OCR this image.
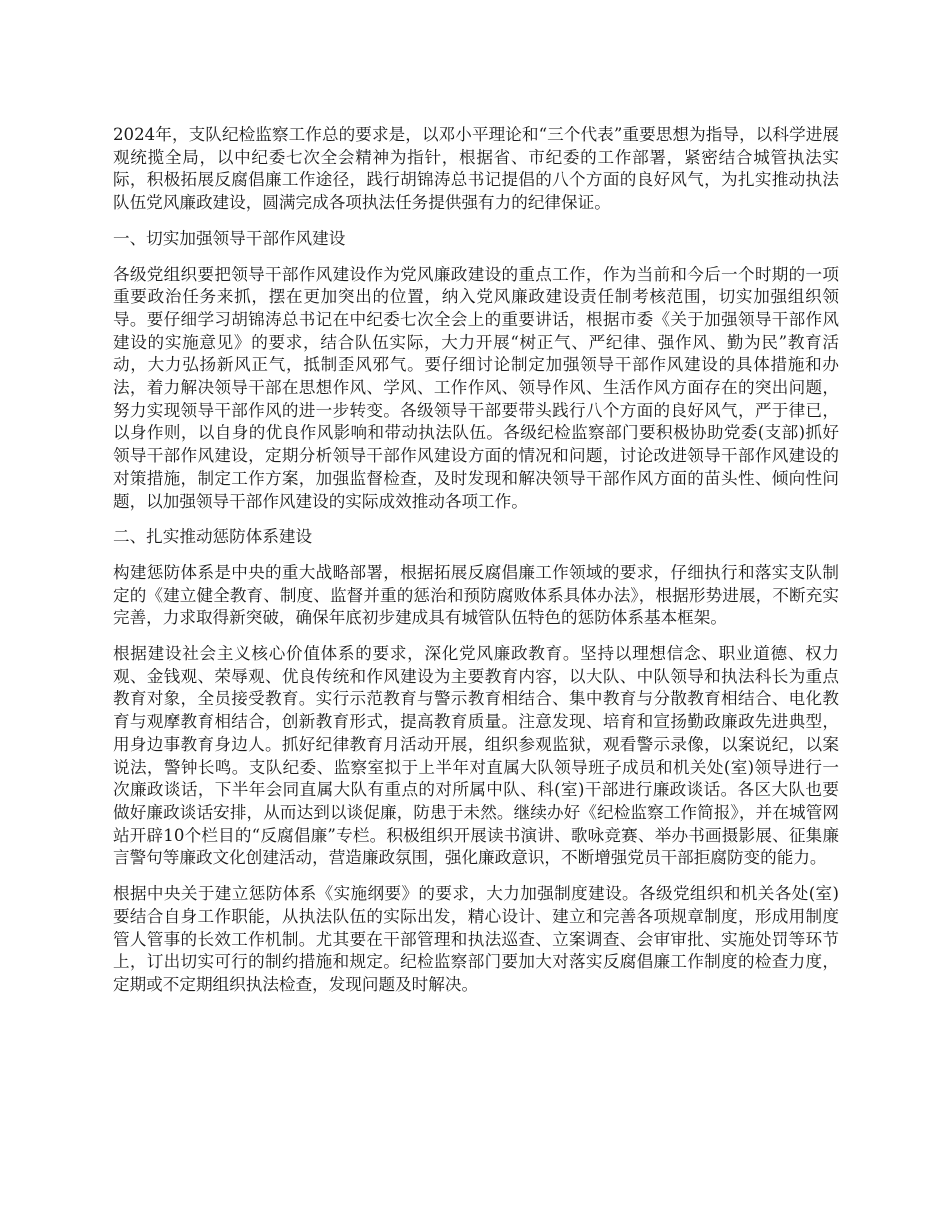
2024年，支队纪检监察工作总的要求是，以邓小平理论和“三个代表”重要思想为指导，以科学进展观统揽全局，以中纪委七次全会精神为指针，根据省、市纪委的工作部署，紧密结合城管执法实际，积极拓展反腐倡廉工作途径，践行胡锦涛总书记提倡的八个方面的良好风气，为扎实推动执法队伍党风廉政建设，圆满完成各项执法任务提供强有力的纪律保证。

一、切实加强领导干部作风建设

各级党组织要把领导干部作风建设作为党风廉政建设的重点工作，作为当前和今后一个时期的一项重要政治任务来抓，摆在更加突出的位置，纳入党风廉政建设责任制考核范围，切实加强组织领导。要仔细学习胡锦涛总书记在中纪委七次全会上的重要讲话，根据市委《关于加强领导干部作风建设的实施意见》的要求，结合队伍实际，大力开展“树正气、严纪律、强作风、勤为民”教育活动，大力弘扬新风正气，抵制歪风邪气。要仔细讨论制定加强领导干部作风建设的具体措施和办法，着力解决领导干部在思想作风、学风、工作作风、领导作风、生活作风方面存在的突出问题，努力实现领导干部作风的进一步转变。各级领导干部要带头践行八个方面的良好风气，严于律已，以身作则，以自身的优良作风影响和带动执法队伍。各级纪检监察部门要积极协助党委(支部)抓好领导干部作风建设，定期分析领导干部作风建设方面的情况和问题，讨论改进领导干部作风建设的对策措施，制定工作方案，加强监督检查，及时发现和解决领导干部作风方面的苗头性、倾向性问题，以加强领导干部作风建设的实际成效推动各项工作。

二、扎实推动惩防体系建设

构建惩防体系是中央的重大战略部署，根据拓展反腐倡廉工作领域的要求，仔细执行和落实支队制定的《建立健全教育、制度、监督并重的惩治和预防腐败体系具体办法》，根据形势进展，不断充实完善，力求取得新突破，确保年底初步建成具有城管队伍特色的惩防体系基本框架。

根据建设社会主义核心价值体系的要求，深化党风廉政教育。坚持以理想信念、职业道德、权力观、金钱观、荣辱观、优良传统和作风建设为主要教育内容，以大队、中队领导和执法科长为重点教育对象，全员接受教育。实行示范教育与警示教育相结合、集中教育与分散教育相结合、电化教育与观摩教育相结合，创新教育形式，提高教育质量。注意发现、培育和宣扬勤政廉政先进典型，用身边事教育身边人。抓好纪律教育月活动开展，组织参观监狱，观看警示录像，以案说纪，以案说法，警钟长鸣。支队纪委、监察室拟于上半年对直属大队领导班子成员和机关处(室)领导进行一次廉政谈话，下半年会同直属大队有重点的对所属中队、科(室)干部进行廉政谈话。各区大队也要做好廉政谈话安排，从而达到以谈促廉，防患于未然。继续办好《纪检监察工作简报》，并在城管网站开辟10个栏目的“反腐倡廉”专栏。积极组织开展读书演讲、歌咏竞赛、举办书画摄影展、征集廉言警句等廉政文化创建活动，营造廉政氛围，强化廉政意识，不断增强党员干部拒腐防变的能力。

根据中央关于建立惩防体系《实施纲要》的要求，大力加强制度建设。各级党组织和机关各处(室)要结合自身工作职能，从执法队伍的实际出发，精心设计、建立和完善各项规章制度，形成用制度管人管事的长效工作机制。尤其要在干部管理和执法巡查、立案调查、会审审批、实施处罚等环节上，订出切实可行的制约措施和规定。纪检监察部门要加大对落实反腐倡廉工作制度的检查力度，定期或不定期组织执法检查，发现问题及时解决。
